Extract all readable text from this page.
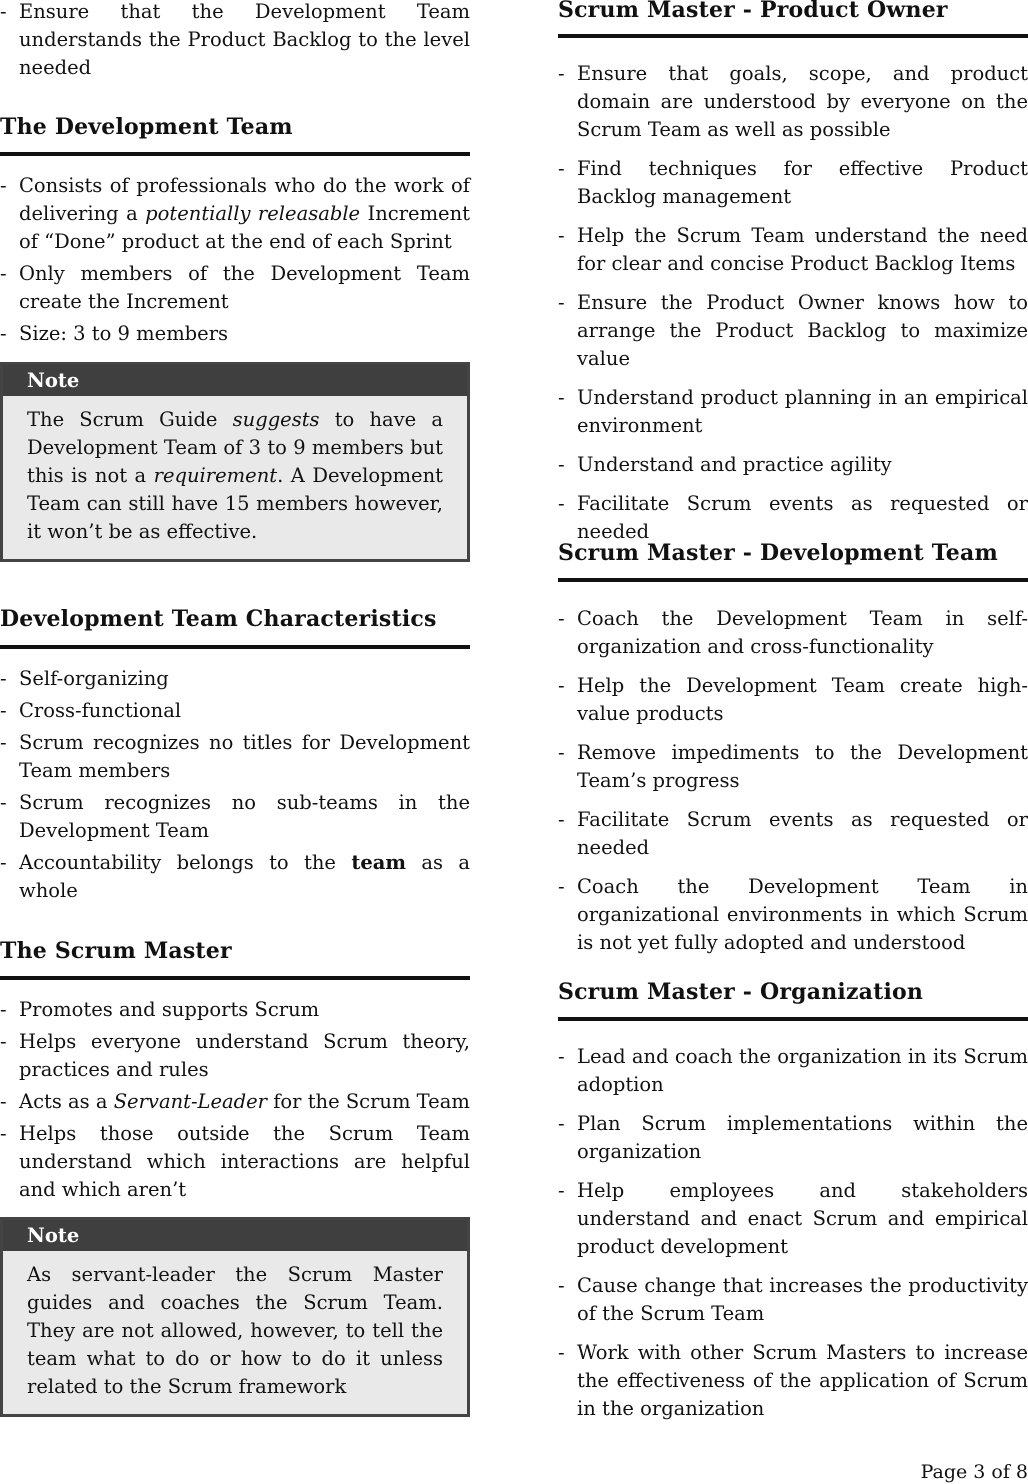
- Ensure that the Development Team understands the Product Backlog to the level needed
The Development Team
- Consists of professionals who do the work of delivering a potentially releasable Increment of “Done” product at the end of each Sprint
- Only members of the Development Team create the Increment
- Size: 3 to 9 members
Note
The Scrum Guide suggests to have a Development Team of 3 to 9 members but this is not a requirement. A Development Team can still have 15 members however, it won’t be as effective.
Development Team Characteristics
- Self-organizing
- Cross-functional
- Scrum recognizes no titles for Development Team members
- Scrum recognizes no sub-teams in the Development Team
- Accountability belongs to the team as a whole
The Scrum Master
- Promotes and supports Scrum
- Helps everyone understand Scrum theory, practices and rules
- Acts as a Servant-Leader for the Scrum Team
- Helps those outside the Scrum Team understand which interactions are helpful and which aren’t
Note
As servant-leader the Scrum Master guides and coaches the Scrum Team. They are not allowed, however, to tell the team what to do or how to do it unless related to the Scrum framework
Scrum Master - Product Owner
- Ensure that goals, scope, and product domain are understood by everyone on the Scrum Team as well as possible
- Find techniques for effective Product Backlog management
- Help the Scrum Team understand the need for clear and concise Product Backlog Items
- Ensure the Product Owner knows how to arrange the Product Backlog to maximize value
- Understand product planning in an empirical environment
- Understand and practice agility
- Facilitate Scrum events as requested or needed
Scrum Master - Development Team
- Coach the Development Team in self-organization and cross-functionality
- Help the Development Team create high-value products
- Remove impediments to the Development Team’s progress
- Facilitate Scrum events as requested or needed
- Coach the Development Team in organizational environments in which Scrum is not yet fully adopted and understood
Scrum Master - Organization
- Lead and coach the organization in its Scrum adoption
- Plan Scrum implementations within the organization
- Help employees and stakeholders understand and enact Scrum and empirical product development
- Cause change that increases the productivity of the Scrum Team
- Work with other Scrum Masters to increase the effectiveness of the application of Scrum in the organization
Page 3 of 8
